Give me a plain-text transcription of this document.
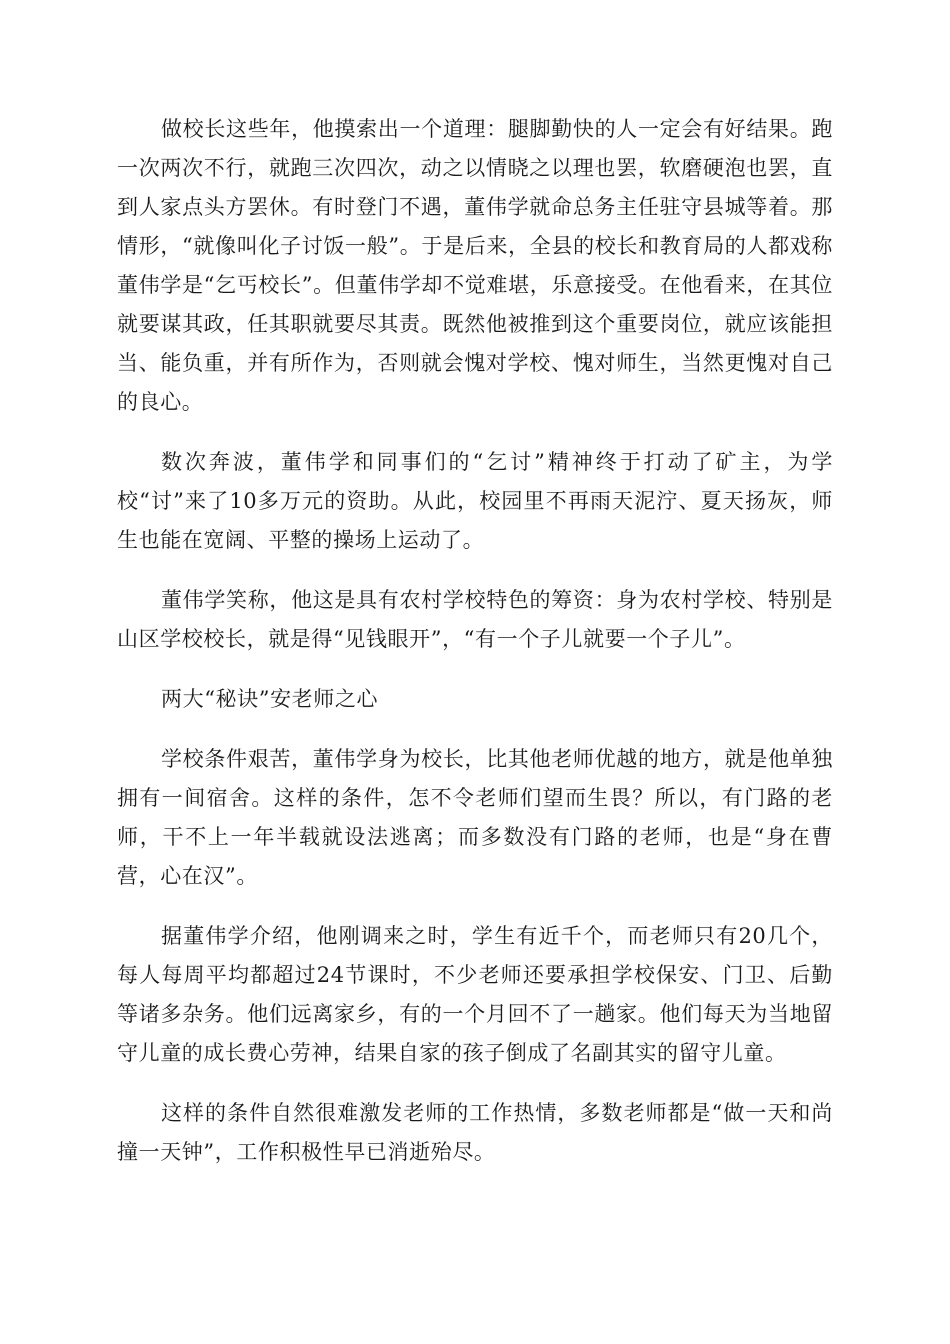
做校长这些年，他摸索出一个道理：腿脚勤快的人一定会有好结果。跑一次两次不行，就跑三次四次，动之以情晓之以理也罢，软磨硬泡也罢，直到人家点头方罢休。有时登门不遇，董伟学就命总务主任驻守县城等着。那情形，“就像叫化子讨饭一般”。于是后来，全县的校长和教育局的人都戏称董伟学是“乞丐校长”。但董伟学却不觉难堪，乐意接受。在他看来，在其位就要谋其政，任其职就要尽其责。既然他被推到这个重要岗位，就应该能担当、能负重，并有所作为，否则就会愧对学校、愧对师生，当然更愧对自己的良心。

数次奔波，董伟学和同事们的“乞讨”精神终于打动了矿主，为学校“讨”来了10多万元的资助。从此，校园里不再雨天泥泞、夏天扬灰，师生也能在宽阔、平整的操场上运动了。

董伟学笑称，他这是具有农村学校特色的筹资：身为农村学校、特别是山区学校校长，就是得“见钱眼开”，“有一个子儿就要一个子儿”。

两大“秘诀”安老师之心

学校条件艰苦，董伟学身为校长，比其他老师优越的地方，就是他单独拥有一间宿舍。这样的条件，怎不令老师们望而生畏？所以，有门路的老师，干不上一年半载就设法逃离；而多数没有门路的老师，也是“身在曹营，心在汉”。

据董伟学介绍，他刚调来之时，学生有近千个，而老师只有20几个，每人每周平均都超过24节课时，不少老师还要承担学校保安、门卫、后勤等诸多杂务。他们远离家乡，有的一个月回不了一趟家。他们每天为当地留守儿童的成长费心劳神，结果自家的孩子倒成了名副其实的留守儿童。

这样的条件自然很难激发老师的工作热情，多数老师都是“做一天和尚撞一天钟”，工作积极性早已消逝殆尽。
